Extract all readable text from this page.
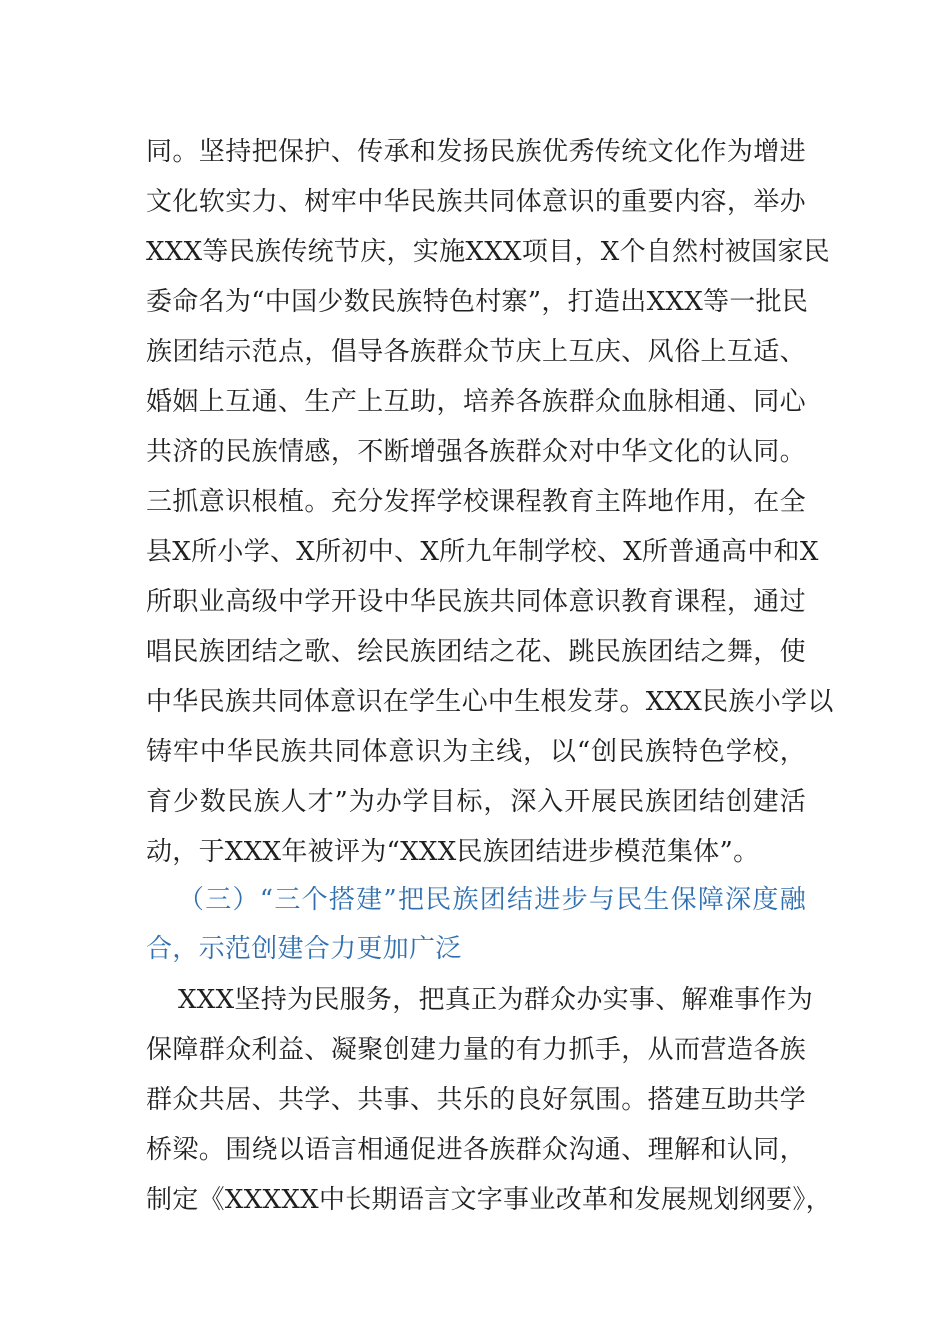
同。坚持把保护、传承和发扬民族优秀传统文化作为增进
文化软实力、树牢中华民族共同体意识的重要内容，举办
XXX等民族传统节庆，实施XXX项目，X个自然村被国家民
委命名为“中国少数民族特色村寨”，打造出XXX等一批民
族团结示范点，倡导各族群众节庆上互庆、风俗上互适、
婚姻上互通、生产上互助，培养各族群众血脉相通、同心
共济的民族情感，不断增强各族群众对中华文化的认同。
三抓意识根植。充分发挥学校课程教育主阵地作用，在全
县X所小学、X所初中、X所九年制学校、X所普通高中和X
所职业高级中学开设中华民族共同体意识教育课程，通过
唱民族团结之歌、绘民族团结之花、跳民族团结之舞，使
中华民族共同体意识在学生心中生根发芽。XXX民族小学以
铸牢中华民族共同体意识为主线，以“创民族特色学校，
育少数民族人才”为办学目标，深入开展民族团结创建活
动，于XXX年被评为“XXX民族团结进步模范集体”。
（三）“三个搭建”把民族团结进步与民生保障深度融
合，示范创建合力更加广泛
XXX坚持为民服务，把真正为群众办实事、解难事作为
保障群众利益、凝聚创建力量的有力抓手，从而营造各族
群众共居、共学、共事、共乐的良好氛围。搭建互助共学
桥梁。围绕以语言相通促进各族群众沟通、理解和认同，
制定《XXXXX中长期语言文字事业改革和发展规划纲要》，
